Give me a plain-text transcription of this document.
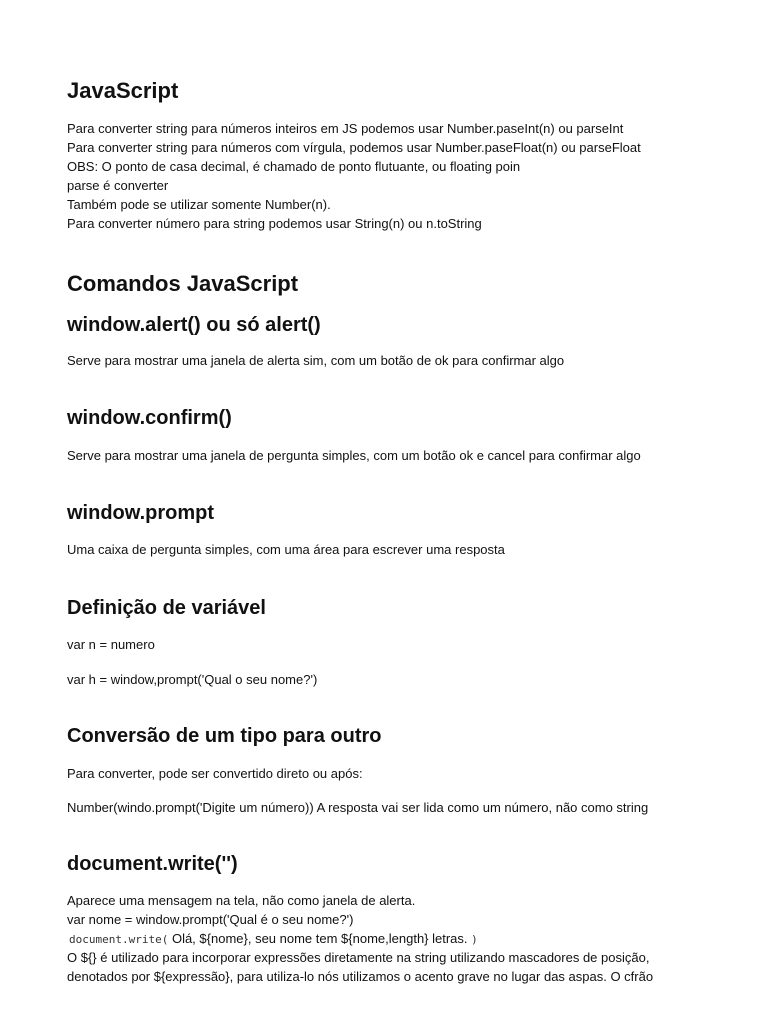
JavaScript

Para converter string para números inteiros em JS podemos usar Number.paseInt(n) ou parseInt

Para converter string para números com vírgula, podemos usar Number.paseFloat(n) ou parseFloat

OBS: O ponto de casa decimal, é chamado de ponto flutuante, ou floating poin

parse é converter

Também pode se utilizar somente Number(n).

Para converter número para string podemos usar String(n) ou n.toString

Comandos JavaScript
window.alert() ou só alert()

Serve para mostrar uma janela de alerta sim, com um botão de ok para confirmar algo

window.confirm()

Serve para mostrar uma janela de pergunta simples, com um botão ok e cancel para confirmar algo

window.prompt

Uma caixa de pergunta simples, com uma área para escrever uma resposta

Definição de variável

var n = numero

var h = window,prompt('Qual o seu nome?')

Conversão de um tipo para outro

Para converter, pode ser convertido direto ou após:

Number(windo.prompt('Digite um número)) A resposta vai ser lida como um número, não como string

document.write('')

Aparece uma mensagem na tela, não como janela de alerta.

var nome = window.prompt('Qual é o seu nome?')

document.write( Olá, ${nome}, seu nome tem ${nome,length} letras. )

O ${} é utilizado para incorporar expressões diretamente na string utilizando mascadores de posição,

denotados por ${expressão}, para utiliza-lo nós utilizamos o acento grave no lugar das aspas. O cfrão
